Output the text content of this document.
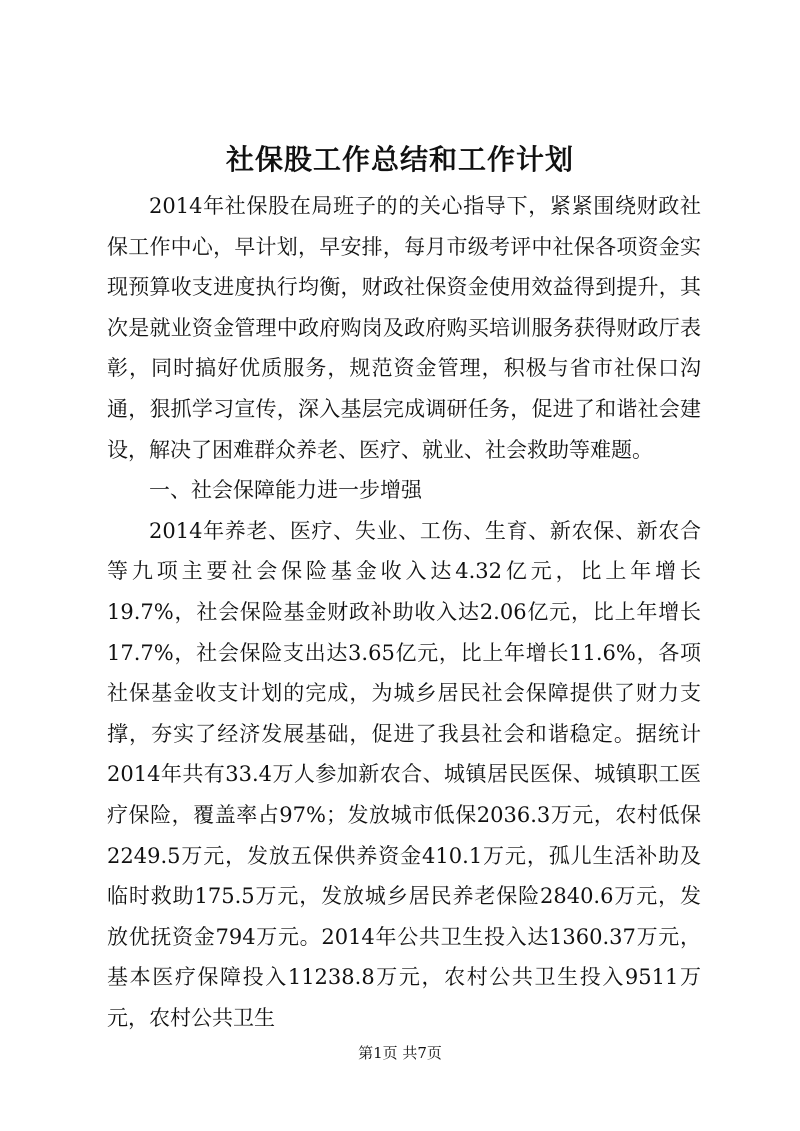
社保股工作总结和工作计划

2014年社保股在局班子的的关心指导下，紧紧围绕财政社保工作中心，早计划，早安排，每月市级考评中社保各项资金实现预算收支进度执行均衡，财政社保资金使用效益得到提升，其次是就业资金管理中政府购岗及政府购买培训服务获得财政厅表彰，同时搞好优质服务，规范资金管理，积极与省市社保口沟通，狠抓学习宣传，深入基层完成调研任务，促进了和谐社会建设，解决了困难群众养老、医疗、就业、社会救助等难题。

一、社会保障能力进一步增强

2014年养老、医疗、失业、工伤、生育、新农保、新农合等九项主要社会保险基金收入达4.32亿元，比上年增长19.7%，社会保险基金财政补助收入达2.06亿元，比上年增长17.7%，社会保险支出达3.65亿元，比上年增长11.6%，各项社保基金收支计划的完成，为城乡居民社会保障提供了财力支撑，夯实了经济发展基础，促进了我县社会和谐稳定。据统计2014年共有33.4万人参加新农合、城镇居民医保、城镇职工医疗保险，覆盖率占97%；发放城市低保2036.3万元，农村低保2249.5万元，发放五保供养资金410.1万元，孤儿生活补助及临时救助175.5万元，发放城乡居民养老保险2840.6万元，发放优抚资金794万元。2014年公共卫生投入达1360.37万元，基本医疗保障投入11238.8万元，农村公共卫生投入9511万元，农村公共卫生

第1页 共7页
